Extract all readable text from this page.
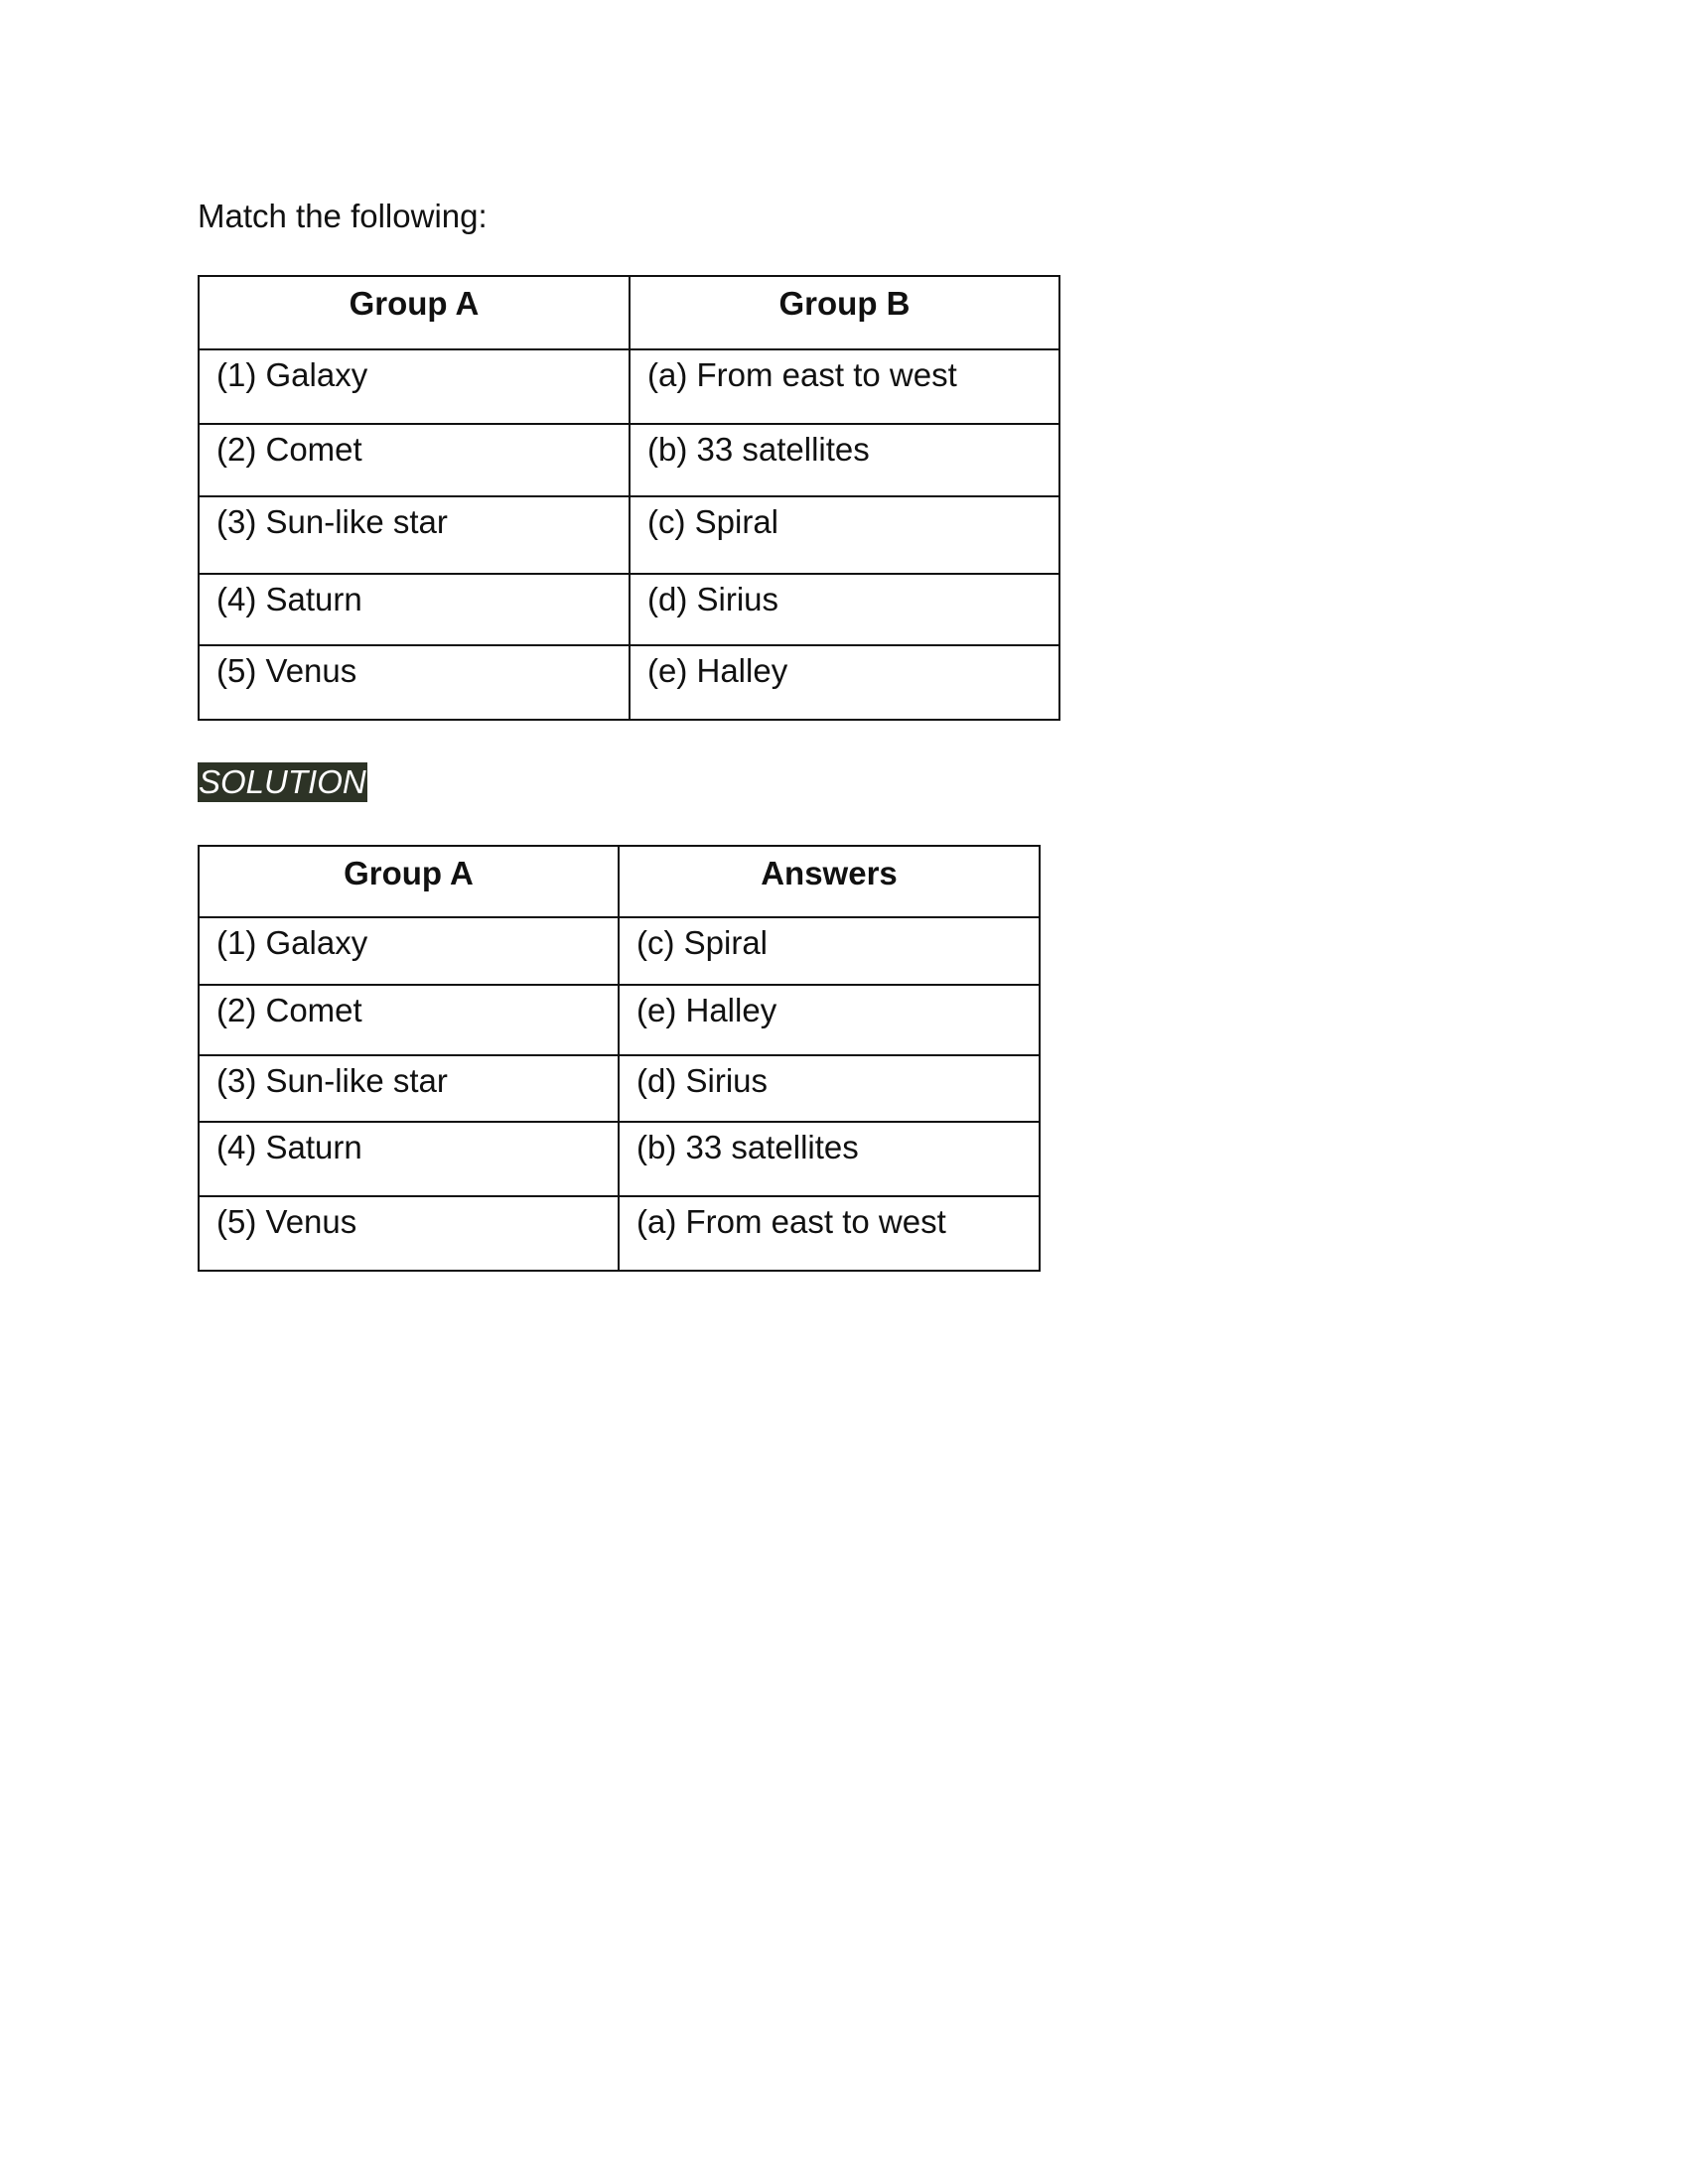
Match the following:

Group A	Group B
(1) Galaxy	(a) From east to west
(2) Comet	(b) 33 satellites
(3) Sun-like star	(c) Spiral
(4) Saturn	(d) Sirius
(5) Venus	(e) Halley
SOLUTION
Group A	Answers
(1) Galaxy	(c) Spiral
(2) Comet	(e) Halley
(3) Sun-like star	(d) Sirius
(4) Saturn	(b) 33 satellites
(5) Venus	(a) From east to west
